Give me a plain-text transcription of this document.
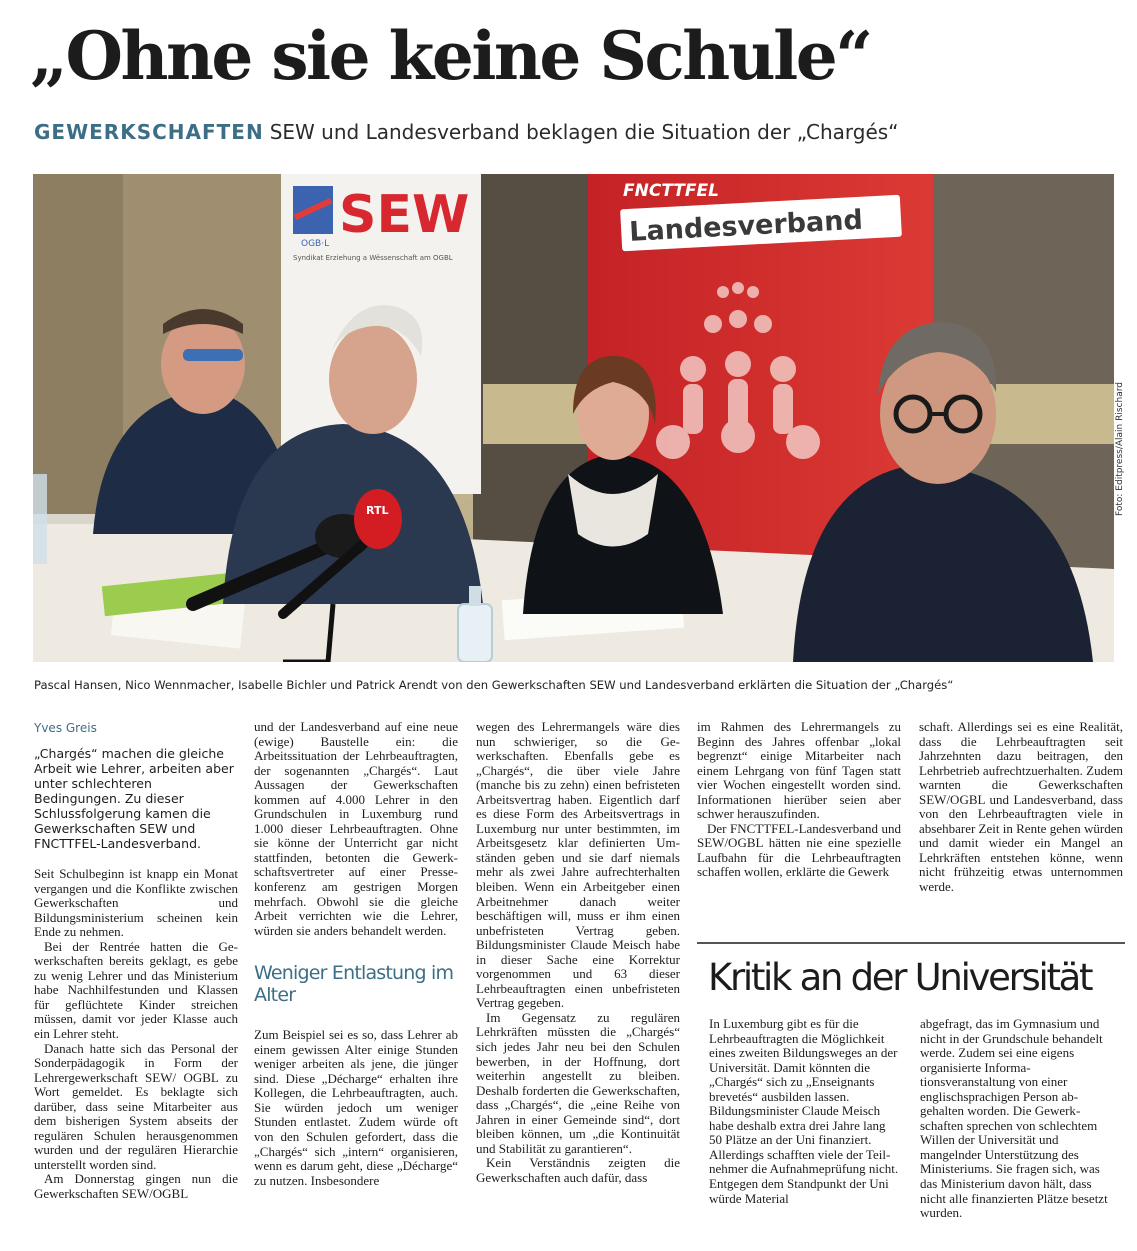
„Ohne sie keine Schule“
GEWERKSCHAFTEN SEW und Landesverband beklagen die Situation der „Chargés“
OGB·L SEW
Syndikat Erziehung a Wëssenschaft am OGBL
FNCTTFEL
Landesverband
RTL	Foto: Editpress/Alain Rischard
Pascal Hansen, Nico Wennmacher, Isabelle Bichler und Patrick Arendt von den Gewerkschaften SEW und Landesverband erklärten die Situation der „Chargés“
Yves Greis

„Chargés“ machen die gleiche Arbeit wie Lehrer, arbeiten aber unter schlechteren Bedingungen. Zu dieser Schlussfolgerung kamen die Gewerkschaften SEW und FNCTTFEL-Landesverband.

Seit Schulbeginn ist knapp ein Monat vergangen und die Konflikte zwischen Gewerkschaften und Bildungsministerium scheinen kein Ende zu nehmen.

Bei der Rentrée hatten die Gewerkschaften bereits geklagt, es gebe zu wenig Lehrer und das Ministerium habe Nachhilfestunden und Klassen für geflüchtete Kinder streichen müssen, damit vor jeder Klasse auch ein Lehrer steht.

Danach hatte sich das Personal der Sonderpädagogik in Form der Lehrergewerkschaft SEW/ OGBL zu Wort gemeldet. Es beklagte sich darüber, dass seine Mitarbeiter aus dem bisherigen System abseits der regulären Schulen herausgenommen wurden und der regulären Hierarchie unterstellt worden sind.

Am Donnerstag gingen nun die Gewerkschaften SEW/OGBL

und der Landesverband auf eine neue (ewige) Baustelle ein: die Arbeitssituation der Lehrbeauftragten, der sogenannten „Chargés“. Laut Aussagen der Gewerkschaften kommen auf 4.000 Lehrer in den Grundschulen in Luxemburg rund 1.000 dieser Lehrbeauftragten. Ohne sie könne der Unterricht gar nicht stattfinden, betonten die Gewerkschaftsvertreter auf einer Pressekonferenz am gestrigen Morgen mehrfach. Obwohl sie die gleiche Arbeit verrichten wie die Lehrer, würden sie anders behandelt werden.

Weniger Entlastung im Alter

Zum Beispiel sei es so, dass Lehrer ab einem gewissen Alter einige Stunden weniger arbeiten als jene, die jünger sind. Diese „Décharge“ erhalten ihre Kollegen, die Lehrbeauftragten, auch. Sie würden jedoch um weniger Stunden entlastet. Zudem würde oft von den Schulen gefordert, dass die „Chargés“ sich „intern“ organisieren, wenn es darum geht, diese „Décharge“ zu nutzen. Insbesondere

wegen des Lehrermangels wäre dies nun schwieriger, so die Gewerkschaften. Ebenfalls gebe es „Chargés“, die über viele Jahre (manche bis zu zehn) einen befristeten Arbeitsvertrag haben. Eigentlich darf es diese Form des Arbeitsvertrags in Luxemburg nur unter bestimmten, im Arbeitsgesetz klar definierten Umständen geben und sie darf niemals mehr als zwei Jahre aufrechterhalten bleiben. Wenn ein Arbeitgeber einen Arbeitnehmer danach weiter beschäftigen will, muss er ihm einen unbefristeten Vertrag geben. Bildungsminister Claude Meisch habe in dieser Sache eine Korrektur vorgenommen und 63 dieser Lehrbeauftragten einen unbefristeten Vertrag gegeben.

Im Gegensatz zu regulären Lehrkräften müssten die „Chargés“ sich jedes Jahr neu bei den Schulen bewerben, in der Hoffnung, dort weiterhin angestellt zu bleiben. Deshalb forderten die Gewerkschaften, dass „Chargés“, die „eine Reihe von Jahren in einer Gemeinde sind“, dort bleiben können, um „die Kontinuität und Stabilität zu garantieren“.

Kein Verständnis zeigten die Gewerkschaften auch dafür, dass

im Rahmen des Lehrermangels zu Beginn des Jahres offenbar „lokal begrenzt“ einige Mitarbeiter nach einem Lehrgang von fünf Tagen statt vier Wochen eingestellt worden sind. Informationen hierüber seien aber schwer herauszufinden.

Der FNCTTFEL-Landesverband und SEW/OGBL hätten nie eine spezielle Laufbahn für die Lehrbeauftragten schaffen wollen, erklärte die Gewerk

schaft. Allerdings sei es eine Realität, dass die Lehrbeauftragten seit Jahrzehnten dazu beitragen, den Lehrbetrieb aufrechtzuerhalten. Zudem warnten die Gewerkschaften SEW/OGBL und Landesverband, dass von den Lehrbeauftragten viele in absehbarer Zeit in Rente gehen würden und damit wieder ein Mangel an Lehrkräften entstehen könne, wenn nicht frühzeitig etwas unternommen werde.

Kritik an der Universität

In Luxemburg gibt es für die Lehrbeauftragten die Möglichkeit eines zweiten Bildungsweges an der Universität. Damit könnten die „Chargés“ sich zu „Enseignants brevetés“ ausbilden lassen. Bildungsminister Claude Meisch habe deshalb extra drei Jahre lang 50 Plätze an der Uni finanziert. Allerdings schafften viele der Teilnehmer die Aufnahmeprüfung nicht. Entgegen dem Standpunkt der Uni würde Material

abgefragt, das im Gymnasium und nicht in der Grundschule behandelt werde. Zudem sei eine eigens organisierte Informationsveranstaltung von einer englischsprachigen Person abgehalten worden. Die Gewerkschaften sprechen von schlechtem Willen der Universität und mangelnder Unterstützung des Ministeriums. Sie fragen sich, was das Ministerium davon hält, dass nicht alle finanzierten Plätze besetzt wurden.
